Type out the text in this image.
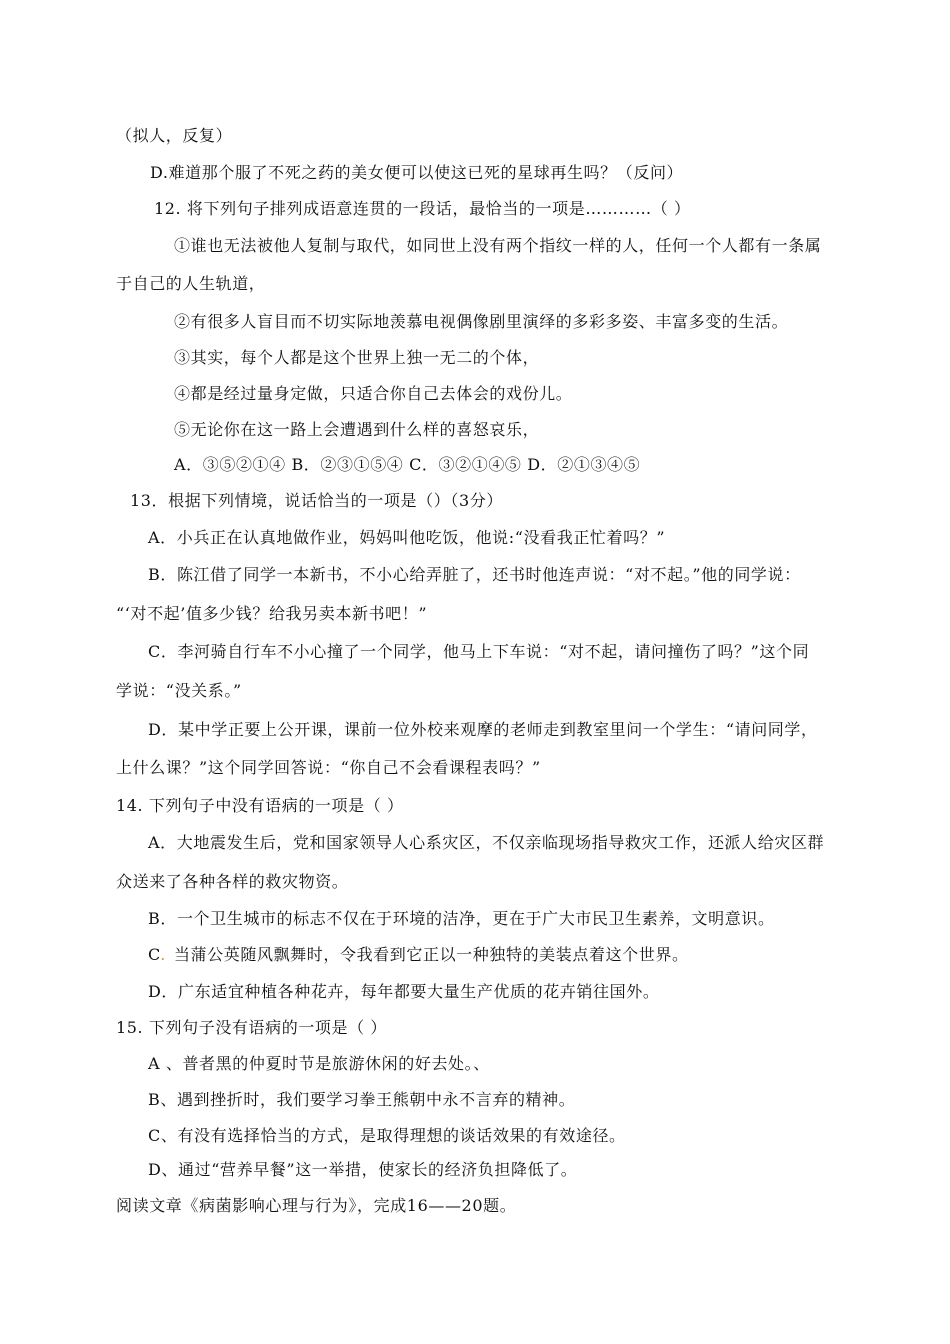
（拟人，反复）
D.难道那个服了不死之药的美女便可以使这已死的星球再生吗？（反问）
12. 将下列句子排列成语意连贯的一段话，最恰当的一项是…………（ ）
①谁也无法被他人复制与取代，如同世上没有两个指纹一样的人，任何一个人都有一条属
于自己的人生轨道，
②有很多人盲目而不切实际地羡慕电视偶像剧里演绎的多彩多姿、丰富多变的生活。
③其实，每个人都是这个世界上独一无二的个体，
④都是经过量身定做，只适合你自己去体会的戏份儿。
⑤无论你在这一路上会遭遇到什么样的喜怒哀乐，
A．③⑤②①④ B．②③①⑤④ C．③②①④⑤ D．②①③④⑤
13．根据下列情境，说话恰当的一项是（）（3分）
A．小兵正在认真地做作业，妈妈叫他吃饭，他说:“没看我正忙着吗？”
B．陈江借了同学一本新书，不小心给弄脏了，还书时他连声说：“对不起。”他的同学说：
“‘对不起’值多少钱？给我另卖本新书吧！”
C．李河骑自行车不小心撞了一个同学，他马上下车说：“对不起，请问撞伤了吗？”这个同
学说：“没关系。”
D．某中学正要上公开课，课前一位外校来观摩的老师走到教室里问一个学生：“请问同学，
上什么课？”这个同学回答说：“你自己不会看课程表吗？”
14. 下列句子中没有语病的一项是（ ）
A．大地震发生后，党和国家领导人心系灾区，不仅亲临现场指导救灾工作，还派人给灾区群
众送来了各种各样的救灾物资。
B．一个卫生城市的标志不仅在于环境的洁净，更在于广大市民卫生素养，文明意识。
C. 当蒲公英随风飘舞时，令我看到它正以一种独特的美装点着这个世界。
D．广东适宜种植各种花卉，每年都要大量生产优质的花卉销往国外。
15. 下列句子没有语病的一项是（ ）
A 、普者黑的仲夏时节是旅游休闲的好去处。、
B、遇到挫折时，我们要学习拳王熊朝中永不言弃的精神。
C、有没有选择恰当的方式，是取得理想的谈话效果的有效途径。
D、通过“营养早餐”这一举措，使家长的经济负担降低了。
阅读文章《病菌影响心理与行为》，完成16——20题。
